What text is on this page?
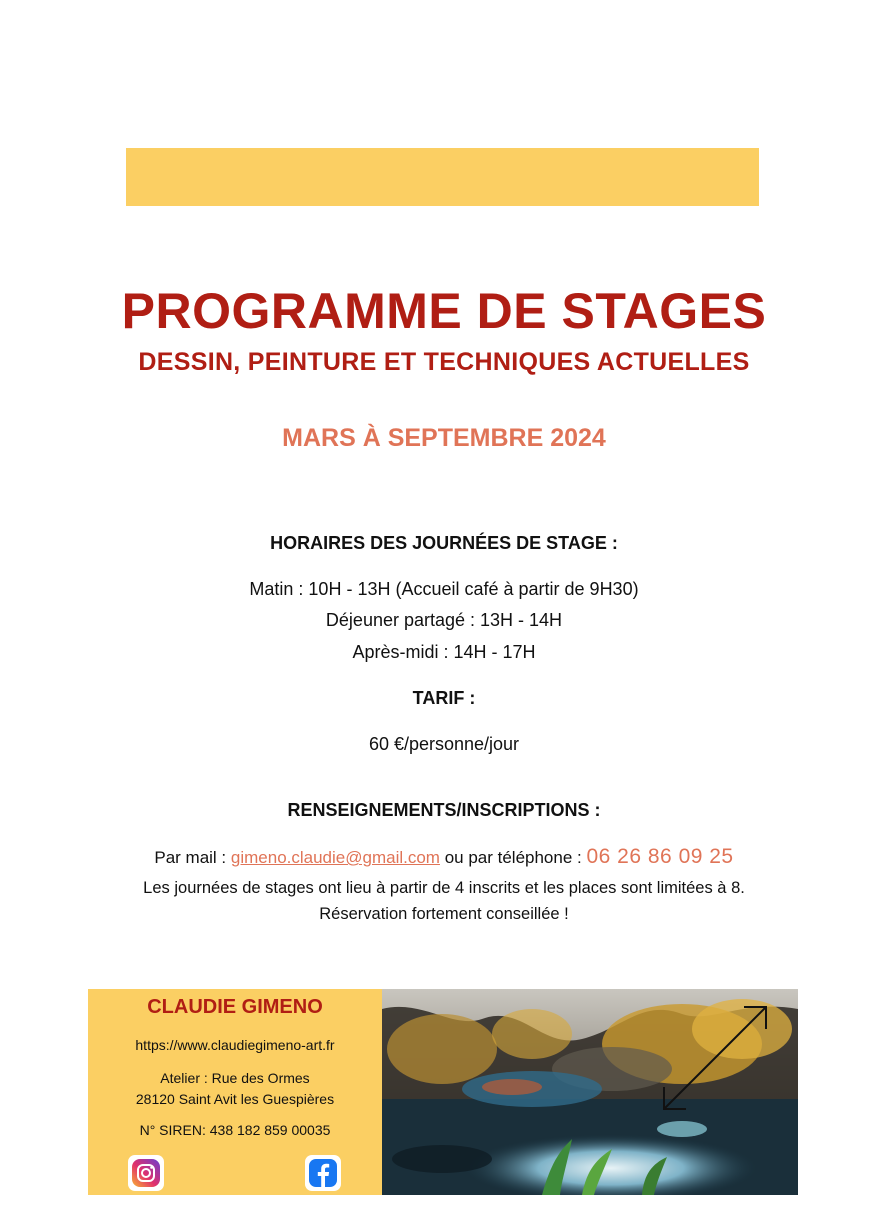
PROGRAMME DE STAGES
DESSIN, PEINTURE ET TECHNIQUES ACTUELLES
MARS À SEPTEMBRE 2024
HORAIRES DES JOURNÉES DE STAGE :
Matin : 10H - 13H (Accueil café à partir de 9H30)
Déjeuner partagé : 13H - 14H
Après-midi : 14H - 17H
TARIF :
60 €/personne/jour
RENSEIGNEMENTS/INSCRIPTIONS :
Par mail : gimeno.claudie@gmail.com ou par téléphone : 06 26 86 09 25
Les journées de stages ont lieu à partir de 4 inscrits et les places sont limitées à 8.
Réservation fortement conseillée !
CLAUDIE GIMENO
https://www.claudiegimeno-art.fr
Atelier : Rue des Ormes
28120 Saint Avit les Guespières
N° SIREN: 438 182 859 00035
